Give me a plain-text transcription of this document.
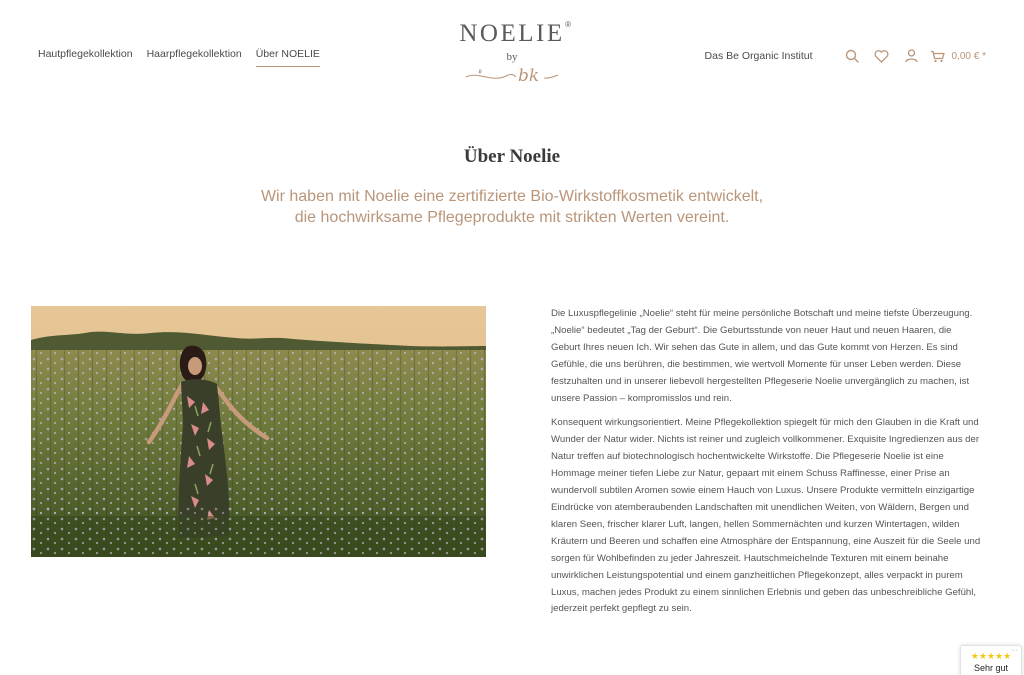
Hautpflegekollektion Haarpflegekollektion Über NOELIE
NOELIE ®
by
bk
Das Be Organic Institut	0,00 € *
Über Noelie
Wir haben mit Noelie eine zertifizierte Bio-Wirkstoffkosmetik entwickelt,
die hochwirksame Pflegeprodukte mit strikten Werten vereint.

Die Luxuspflegelinie „Noelie“ steht für meine persönliche Botschaft und meine tiefste Überzeugung. „Noelie“ bedeutet „Tag der Geburt“. Die Geburtsstunde von neuer Haut und neuen Haaren, die Geburt Ihres neuen Ich. Wir sehen das Gute in allem, und das Gute kommt von Herzen. Es sind Gefühle, die uns berühren, die bestimmen, wie wertvoll Momente für unser Leben werden. Diese festzuhalten und in unserer liebevoll hergestellten Pflegeserie Noelie unvergänglich zu machen, ist unsere Passion – kompromisslos und rein.

Konsequent wirkungsorientiert. Meine Pflegekollektion spiegelt für mich den Glauben in die Kraft und Wunder der Natur wider. Nichts ist reiner und zugleich vollkommener. Exquisite Ingredienzen aus der Natur treffen auf biotechnologisch hochentwickelte Wirkstoffe. Die Pflegeserie Noelie ist eine Hommage meiner tiefen Liebe zur Natur, gepaart mit einem Schuss Raffinesse, einer Prise an wundervoll subtilen Aromen sowie einem Hauch von Luxus. Unsere Produkte vermitteln einzigartige Eindrücke von atemberaubenden Landschaften mit unendlichen Weiten, von Wäldern, Bergen und klaren Seen, frischer klarer Luft, langen, hellen Sommernächten und kurzen Wintertagen, wilden Kräutern und Beeren und schaffen eine Atmosphäre der Entspannung, eine Auszeit für die Seele und sorgen für Wohlbefinden zu jeder Jahreszeit. Hautschmeichelnde Texturen mit einem beinahe unwirklichen Leistungspotential und einem ganzheitlichen Pflegekonzept, alles verpackt in purem Luxus, machen jedes Produkt zu einem sinnlichen Erlebnis und geben das unbeschreibliche Gefühl, jederzeit perfekt gepflegt zu sein.

···
★★★★★
Sehr gut
